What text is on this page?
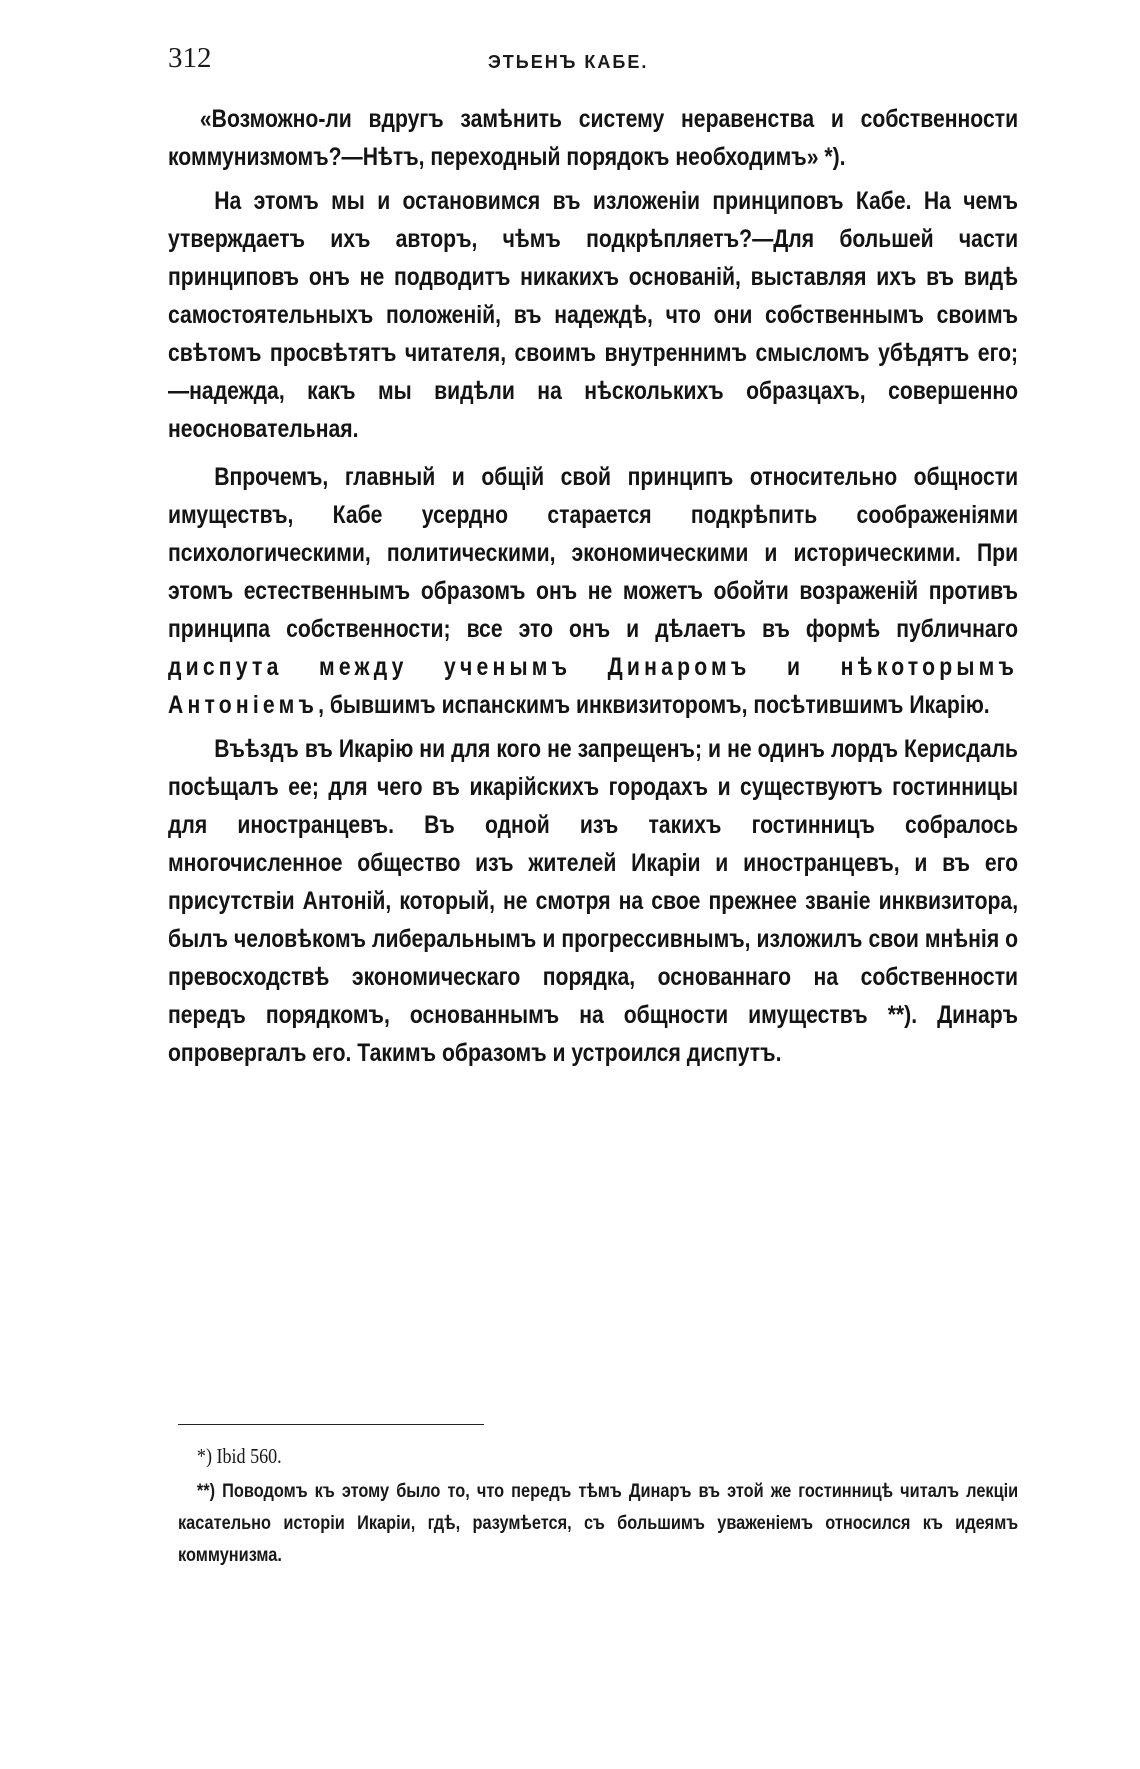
312	ЭТЬЕНЪ КАБЕ.

«Возможно-ли вдругъ замѣнить систему неравенства и собственности коммунизмомъ?—Нѣтъ, переходный порядокъ необходимъ» *).

На этомъ мы и остановимся въ изложеніи принциповъ Кабе. На чемъ утверждаетъ ихъ авторъ, чѣмъ подкрѣпляетъ?—Для большей части принциповъ онъ не подводитъ никакихъ основаній, выставляя ихъ въ видѣ самостоятельныхъ положеній, въ надеждѣ, что они собственнымъ своимъ свѣтомъ просвѣтятъ читателя, своимъ внутреннимъ смысломъ убѣдятъ его;—надежда, какъ мы видѣли на нѣсколькихъ образцахъ, совершенно неосновательная.

Впрочемъ, главный и общій свой принципъ относительно общности имуществъ, Кабе усердно старается подкрѣпить соображеніями психологическими, политическими, экономическими и историческими. При этомъ естественнымъ образомъ онъ не можетъ обойти возраженій противъ принципа собственности; все это онъ и дѣлаетъ въ формѣ публичнаго диспута между ученымъ Динаромъ и нѣкоторымъ Антоніемъ, бывшимъ испанскимъ инквизиторомъ, посѣтившимъ Икарію.

Въѣздъ въ Икарію ни для кого не запрещенъ; и не одинъ лордъ Керисдаль посѣщалъ ее; для чего въ икарійскихъ городахъ и существуютъ гостинницы для иностранцевъ. Въ одной изъ такихъ гостинницъ собралось многочисленное общество изъ жителей Икаріи и иностранцевъ, и въ его присутствіи Антоній, который, не смотря на свое прежнее званіе инквизитора, былъ человѣкомъ либеральнымъ и прогрессивнымъ, изложилъ свои мнѣнія о превосходствѣ экономическаго порядка, основаннаго на собственности передъ порядкомъ, основаннымъ на общности имуществъ **). Динаръ опровергалъ его. Такимъ образомъ и устроился диспутъ.

*) Ibid 560.

**) Поводомъ къ этому было то, что передъ тѣмъ Динаръ въ этой же гостинницѣ читалъ лекціи касательно исторіи Икаріи, гдѣ, разумѣется, съ большимъ уваженіемъ относился къ идеямъ коммунизма.
